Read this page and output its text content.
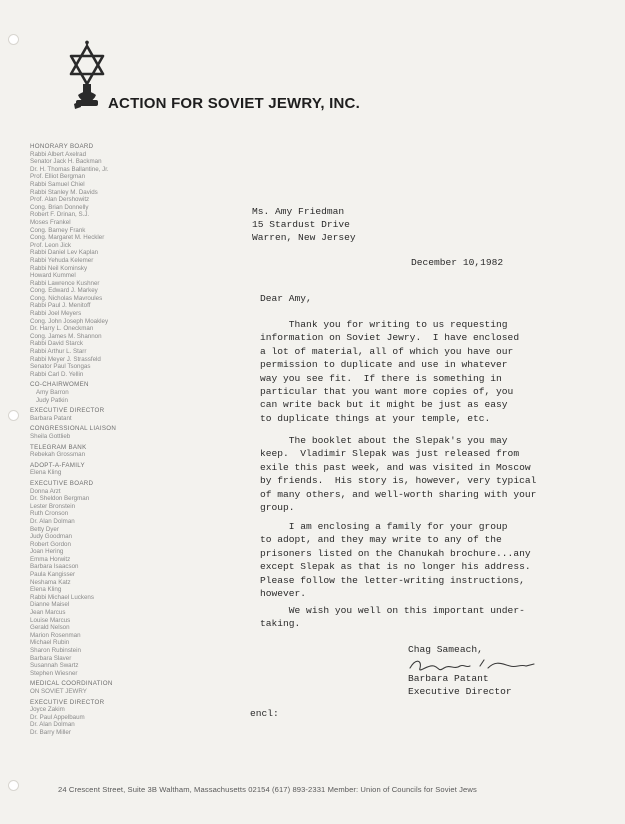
ACTION FOR SOVIET JEWRY, INC.
HONORARY BOARD
Rabbi Albert Axelrad
Senator Jack H. Backman
Dr. H. Thomas Ballantine, Jr.
Prof. Elliot Bergman
Rabbi Samuel Chiel
Rabbi Stanley M. Davids
Prof. Alan Dershowitz
Cong. Brian Donnelly
Robert F. Drinan, S.J.
Moses Frankel
Cong. Barney Frank
Cong. Margaret M. Heckler
Prof. Leon Jick
Rabbi Daniel Lev Kaplan
Rabbi Yehuda Kelemer
Rabbi Neil Kominsky
Howard Kummel
Rabbi Lawrence Kushner
Cong. Edward J. Markey
Cong. Nicholas Mavroules
Rabbi Paul J. Menitoff
Rabbi Joel Meyers
Cong. John Joseph Moakley
Dr. Harry L. Oneckman
Cong. James M. Shannon
Rabbi David Starck
Rabbi Arthur L. Starr
Rabbi Meyer J. Strassfeld
Senator Paul Tsongas
Rabbi Carl D. Yellin
CO-CHAIRWOMEN
Amy Barron
Judy Patkin
EXECUTIVE DIRECTOR
Barbara Patant
CONGRESSIONAL LIAISON
Sheila Gottlieb
TELEGRAM BANK
Rebekah Grossman
ADOPT-A-FAMILY
Elena Kling
EXECUTIVE BOARD
Donna Arzt
Dr. Sheldon Bergman
Lester Bronstein
Ruth Cronson
Dr. Alan Dolman
Betty Dyer
Judy Goodman
Robert Gordon
Joan Hering
Emma Horwitz
Barbara Isaacson
Paula Kangisser
Neshama Katz
Elena Kling
Rabbi Michael Luckens
Dianne Maisel
Jean Marcus
Louise Marcus
Gerald Nelson
Marion Rosenman
Michael Rubin
Sharon Rubinstein
Barbara Slaver
Susannah Swartz
Stephen Wiesner
MEDICAL COORDINATION
ON SOVIET JEWRY
EXECUTIVE DIRECTOR
Joyce Zakim
Dr. Paul Appelbaum
Dr. Alan Dolman
Dr. Barry Miller
Ms. Amy Friedman
15 Stardust Drive
Warren, New Jersey
December 10,1982
Dear Amy,
Chag Sameach,
Barbara Patant
Executive Director
encl:
Thank you for writing to us requesting
information on Soviet Jewry.  I have enclosed
a lot of material, all of which you have our
permission to duplicate and use in whatever
way you see fit.  If there is something in
particular that you want more copies of, you
can write back but it might be just as easy
to duplicate things at your temple, etc.
The booklet about the Slepak's you may
keep.  Vladimir Slepak was just released from
exile this past week, and was visited in Moscow
by friends.  His story is, however, very typical
of many others, and well-worth sharing with your
group.
I am enclosing a family for your group
to adopt, and they may write to any of the
prisoners listed on the Chanukah brochure...any
except Slepak as that is no longer his address.
Please follow the letter-writing instructions,
however.
We wish you well on this important under-
taking.
24 Crescent Street, Suite 3B Waltham, Massachusetts 02154 (617) 893-2331 Member: Union of Councils for Soviet Jews
